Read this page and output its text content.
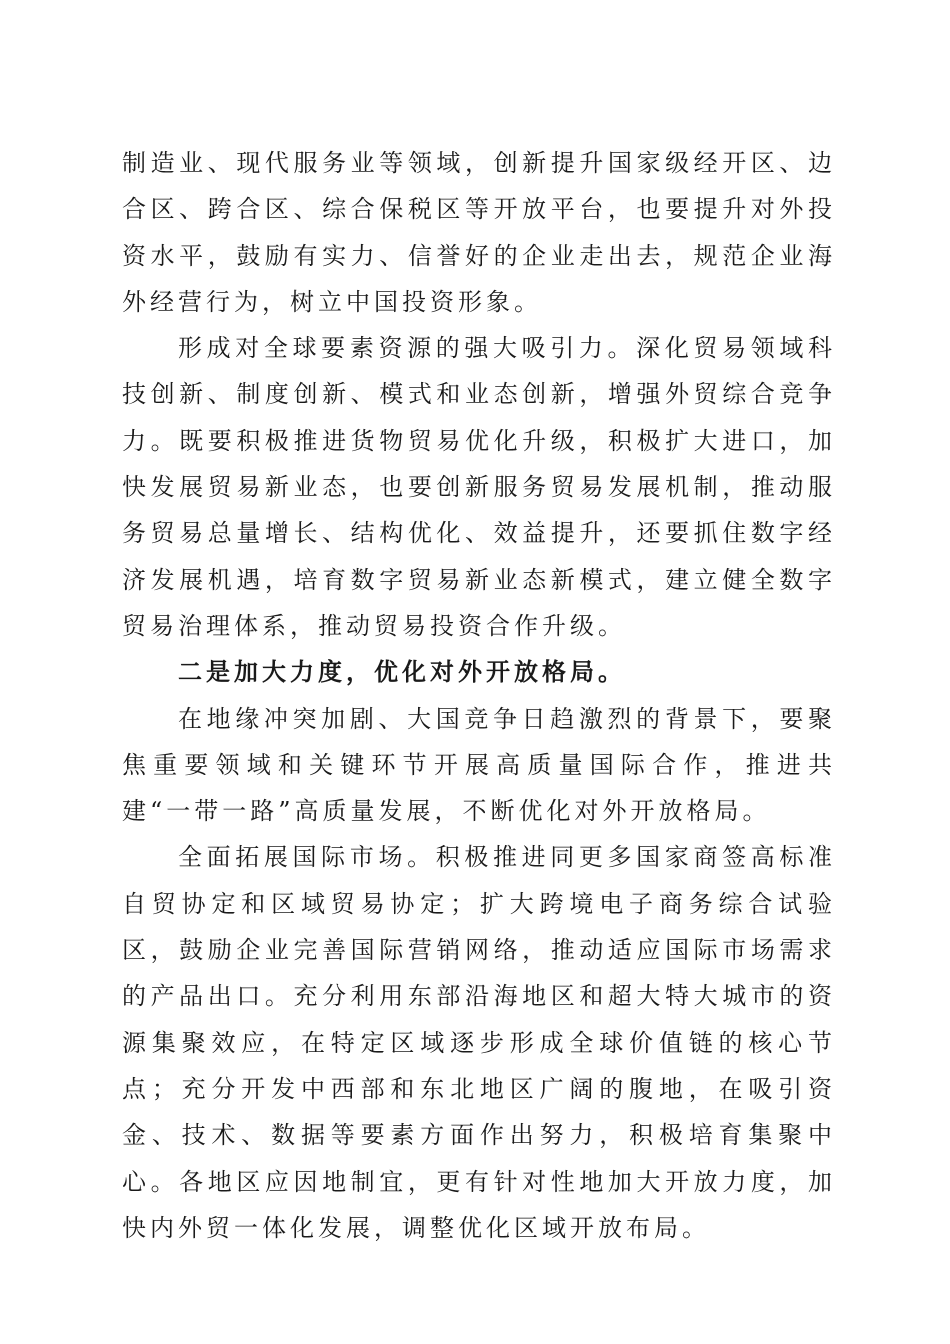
制造业、现代服务业等领域，创新提升国家级经开区、边合区、跨合区、综合保税区等开放平台，也要提升对外投资水平，鼓励有实力、信誉好的企业走出去，规范企业海外经营行为，树立中国投资形象。

形成对全球要素资源的强大吸引力。深化贸易领域科技创新、制度创新、模式和业态创新，增强外贸综合竞争力。既要积极推进货物贸易优化升级，积极扩大进口，加快发展贸易新业态，也要创新服务贸易发展机制，推动服务贸易总量增长、结构优化、效益提升，还要抓住数字经济发展机遇，培育数字贸易新业态新模式，建立健全数字贸易治理体系，推动贸易投资合作升级。

二是加大力度，优化对外开放格局。

在地缘冲突加剧、大国竞争日趋激烈的背景下，要聚焦重要领域和关键环节开展高质量国际合作，推进共建“一带一路”高质量发展，不断优化对外开放格局。

全面拓展国际市场。积极推进同更多国家商签高标准自贸协定和区域贸易协定；扩大跨境电子商务综合试验区，鼓励企业完善国际营销网络，推动适应国际市场需求的产品出口。充分利用东部沿海地区和超大特大城市的资源集聚效应，在特定区域逐步形成全球价值链的核心节点；充分开发中西部和东北地区广阔的腹地，在吸引资金、技术、数据等要素方面作出努力，积极培育集聚中心。各地区应因地制宜，更有针对性地加大开放力度，加快内外贸一体化发展，调整优化区域开放布局。
